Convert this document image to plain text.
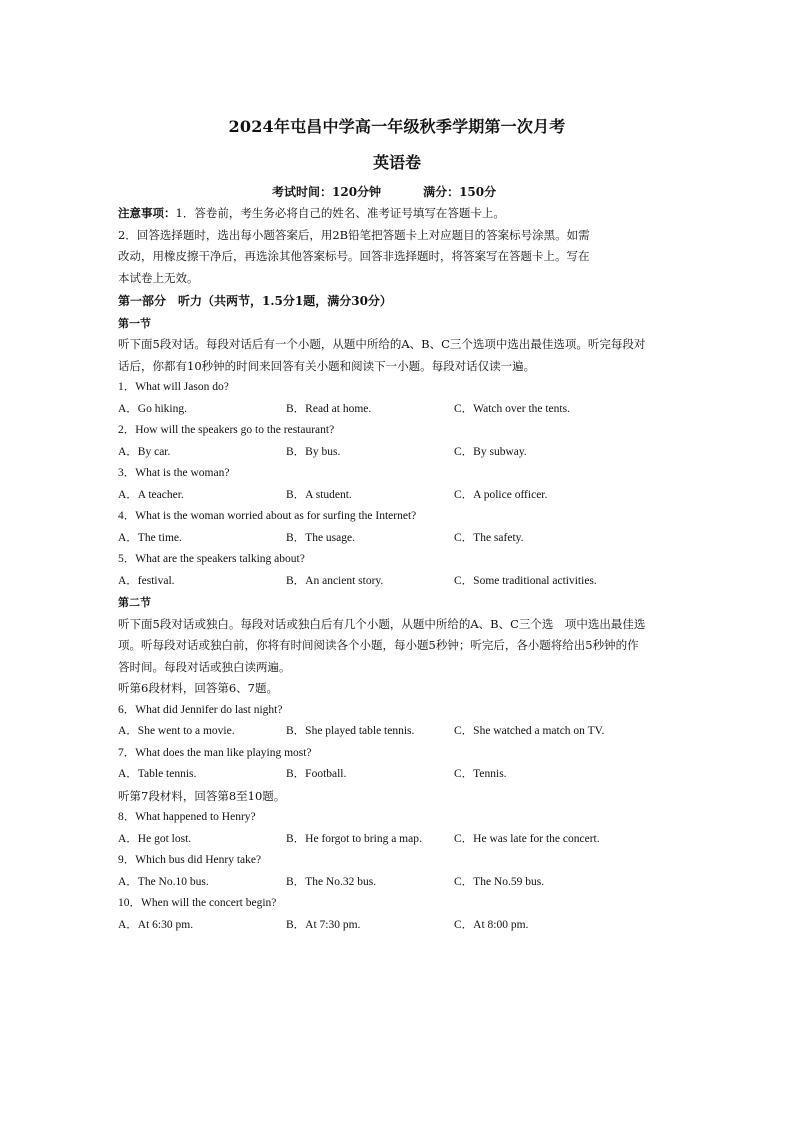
2024年屯昌中学高一年级秋季学期第一次月考
英语卷
考试时间：120分钟	满分：150分
注意事项：1．答卷前，考生务必将自己的姓名、准考证号填写在答题卡上。
2．回答选择题时，选出每小题答案后，用2B铅笔把答题卡上对应题目的答案标号涂黑。如需
改动，用橡皮擦干净后，再选涂其他答案标号。回答非选择题时，将答案写在答题卡上。写在
本试卷上无效。
第一部分　听力（共两节，1.5分1题，满分30分）
第一节
听下面5段对话。每段对话后有一个小题，从题中所给的A、B、C三个选项中选出最佳选项。听完每段对
话后，你都有10秒钟的时间来回答有关小题和阅读下一小题。每段对话仅读一遍。
1．What will Jason do?
A．Go hiking.	B．Read at home.	C．Watch over the tents.
2．How will the speakers go to the restaurant?
A．By car.	B．By bus.	C．By subway.
3．What is the woman?
A．A teacher.	B．A student.	C．A police officer.
4．What is the woman worried about as for surfing the Internet?
A．The time.	B．The usage.	C．The safety.
5．What are the speakers talking about?
A．festival.	B．An ancient story.	C．Some traditional activities.
第二节
听下面5段对话或独白。每段对话或独白后有几个小题，从题中所给的A、B、C三个选　项中选出最佳选
项。听每段对话或独白前，你将有时间阅读各个小题，每小题5秒钟；听完后，各小题将给出5秒钟的作
答时间。每段对话或独白读两遍。
听第6段材料，回答第6、7题。
6．What did Jennifer do last night?
A．She went to a movie.	B．She played table tennis.	C．She watched a match on TV.
7．What does the man like playing most?
A．Table tennis.	B．Football.	C．Tennis.
听第7段材料，回答第8至10题。
8．What happened to Henry?
A．He got lost.	B．He forgot to bring a map.	C．He was late for the concert.
9．Which bus did Henry take?
A．The No.10 bus.	B．The No.32 bus.	C．The No.59 bus.
10．When will the concert begin?
A．At 6:30 pm.	B．At 7:30 pm.	C．At 8:00 pm.
